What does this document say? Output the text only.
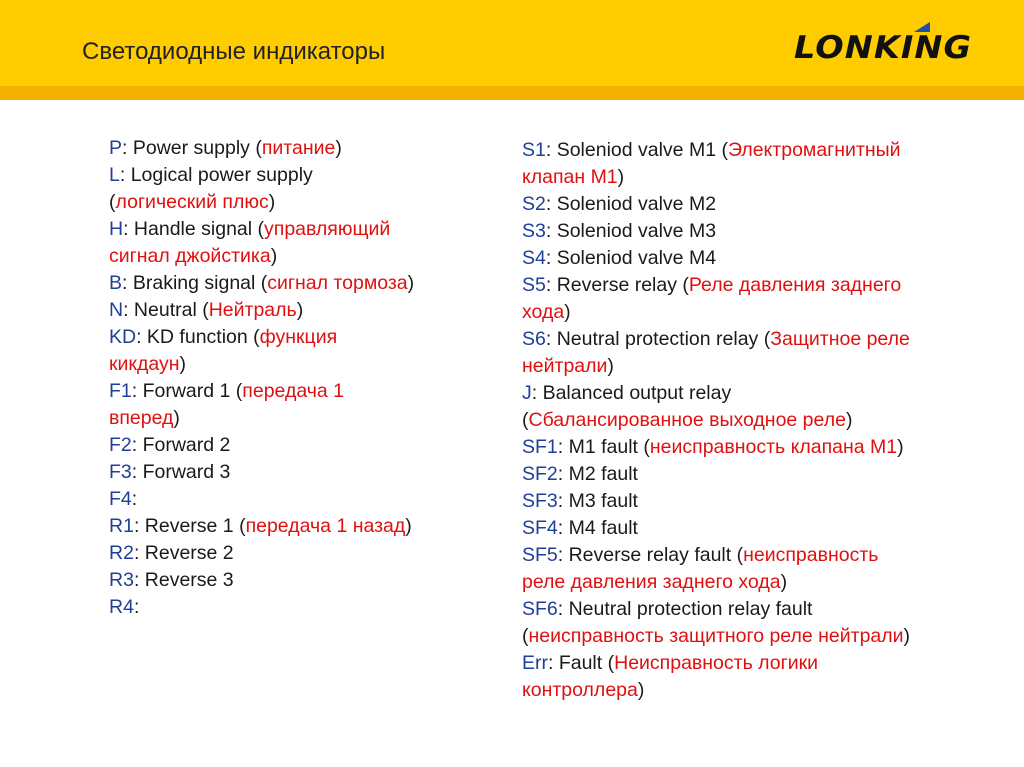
Светодиодные индикаторы	LONKING
P: Power supply (питание)
L: Logical power supply
(логический плюс)
H: Handle signal (управляющий
сигнал джойстика)
B: Braking signal (сигнал тормоза)
N: Neutral (Нейтраль)
KD: KD function (функция
кикдаун)
F1: Forward 1 (передача 1
вперед)
F2: Forward 2
F3: Forward 3
F4:
R1: Reverse 1 (передача 1 назад)
R2: Reverse 2
R3: Reverse 3
R4:
S1: Soleniod valve M1 (Электромагнитный
клапан М1)
S2: Soleniod valve M2
S3: Soleniod valve M3
S4: Soleniod valve M4
S5: Reverse relay (Реле давления заднего
хода)
S6: Neutral protection relay (Защитное реле
нейтрали)
J: Balanced output relay
(Сбалансированное выходное реле)
SF1: M1 fault (неисправность клапана М1)
SF2: M2 fault
SF3: M3 fault
SF4: M4 fault
SF5: Reverse relay fault (неисправность
реле давления заднего хода)
SF6: Neutral protection relay fault
(неисправность защитного реле нейтрали)
Err: Fault (Неисправность логики
контроллера)
